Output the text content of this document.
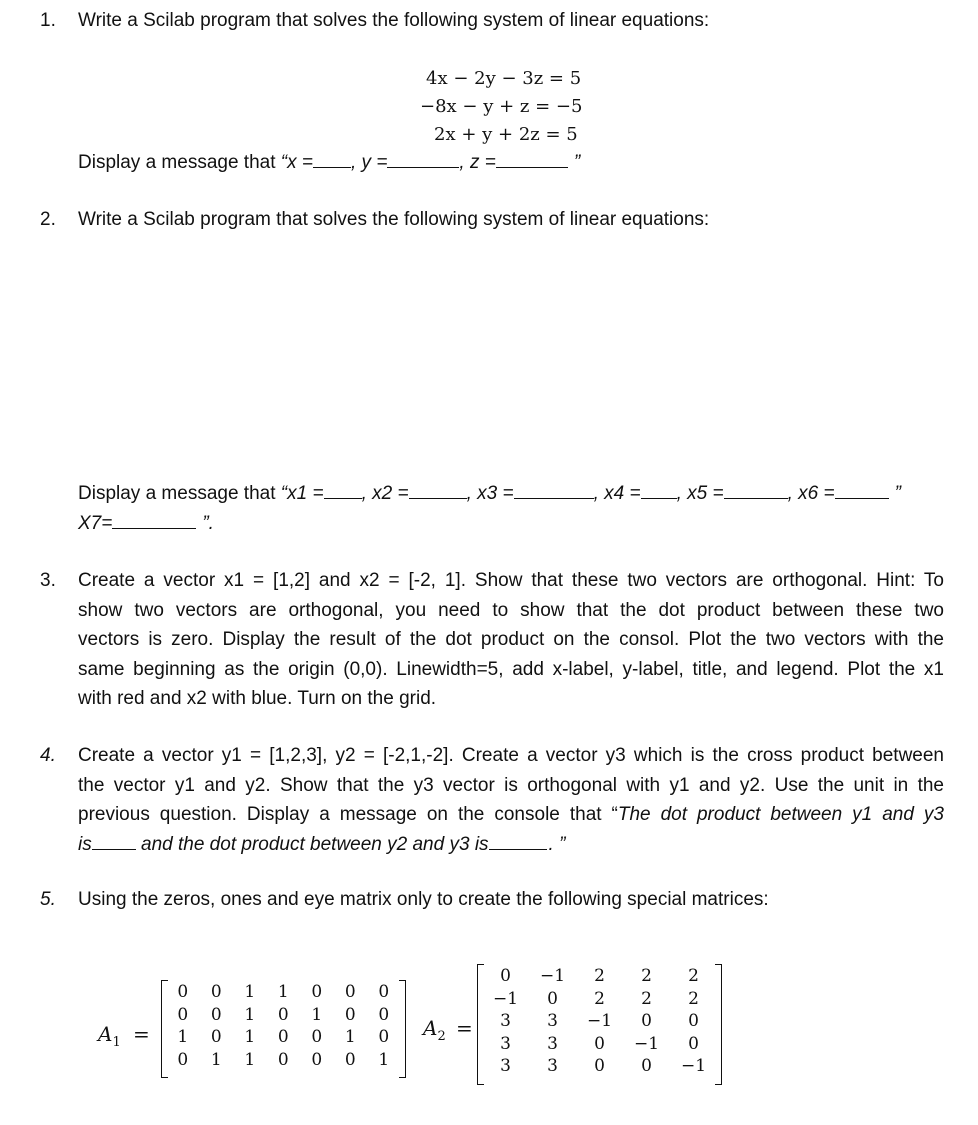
1. Write a Scilab program that solves the following system of linear equations:
4x − 2y − 3z = 5
−8x − y + z = −5
2x + y + 2z = 5
Display a message that “x = , y =	, z =	”
2. Write a Scilab program that solves the following system of linear equations:
Display a message that “x1 = , x2 =	, x3 =	, x4 = , x5 =	, x6 =	”
X7=	”.
3. Create a vector x1 = [1,2] and x2 = [-2, 1]. Show that these two vectors are orthogonal. Hint: To
show two vectors are orthogonal, you need to show that the dot product between these two
vectors is zero. Display the result of the dot product on the consol. Plot the two vectors with the
same beginning as the origin (0,0). Linewidth=5, add x-label, y-label, title, and legend. Plot the x1
with red and x2 with blue. Turn on the grid.
4. Create a vector y1 = [1,2,3], y2 = [-2,1,-2]. Create a vector y3 which is the cross product between
the vector y1 and y2. Show that the y3 vector is orthogonal with y1 and y2. Use the unit in the
previous question. Display a message on the console that “The dot product between y1 and y3
is	and the dot product between y2 and y3 is	. ”
5. Using the zeros, ones and eye matrix only to create the following special matrices:
$A_1$ =
0	0	1	1	0	0	0
0	0	1	0	1	0	0
1	0	1	0	0	1	0
0	1	1	0	0	0	1
$A_2$ =
0	−1	2	2	2
−1	0	2	2	2
3	3	−1	0	0
3	3	0	−1	0
3	3	0	0	−1
